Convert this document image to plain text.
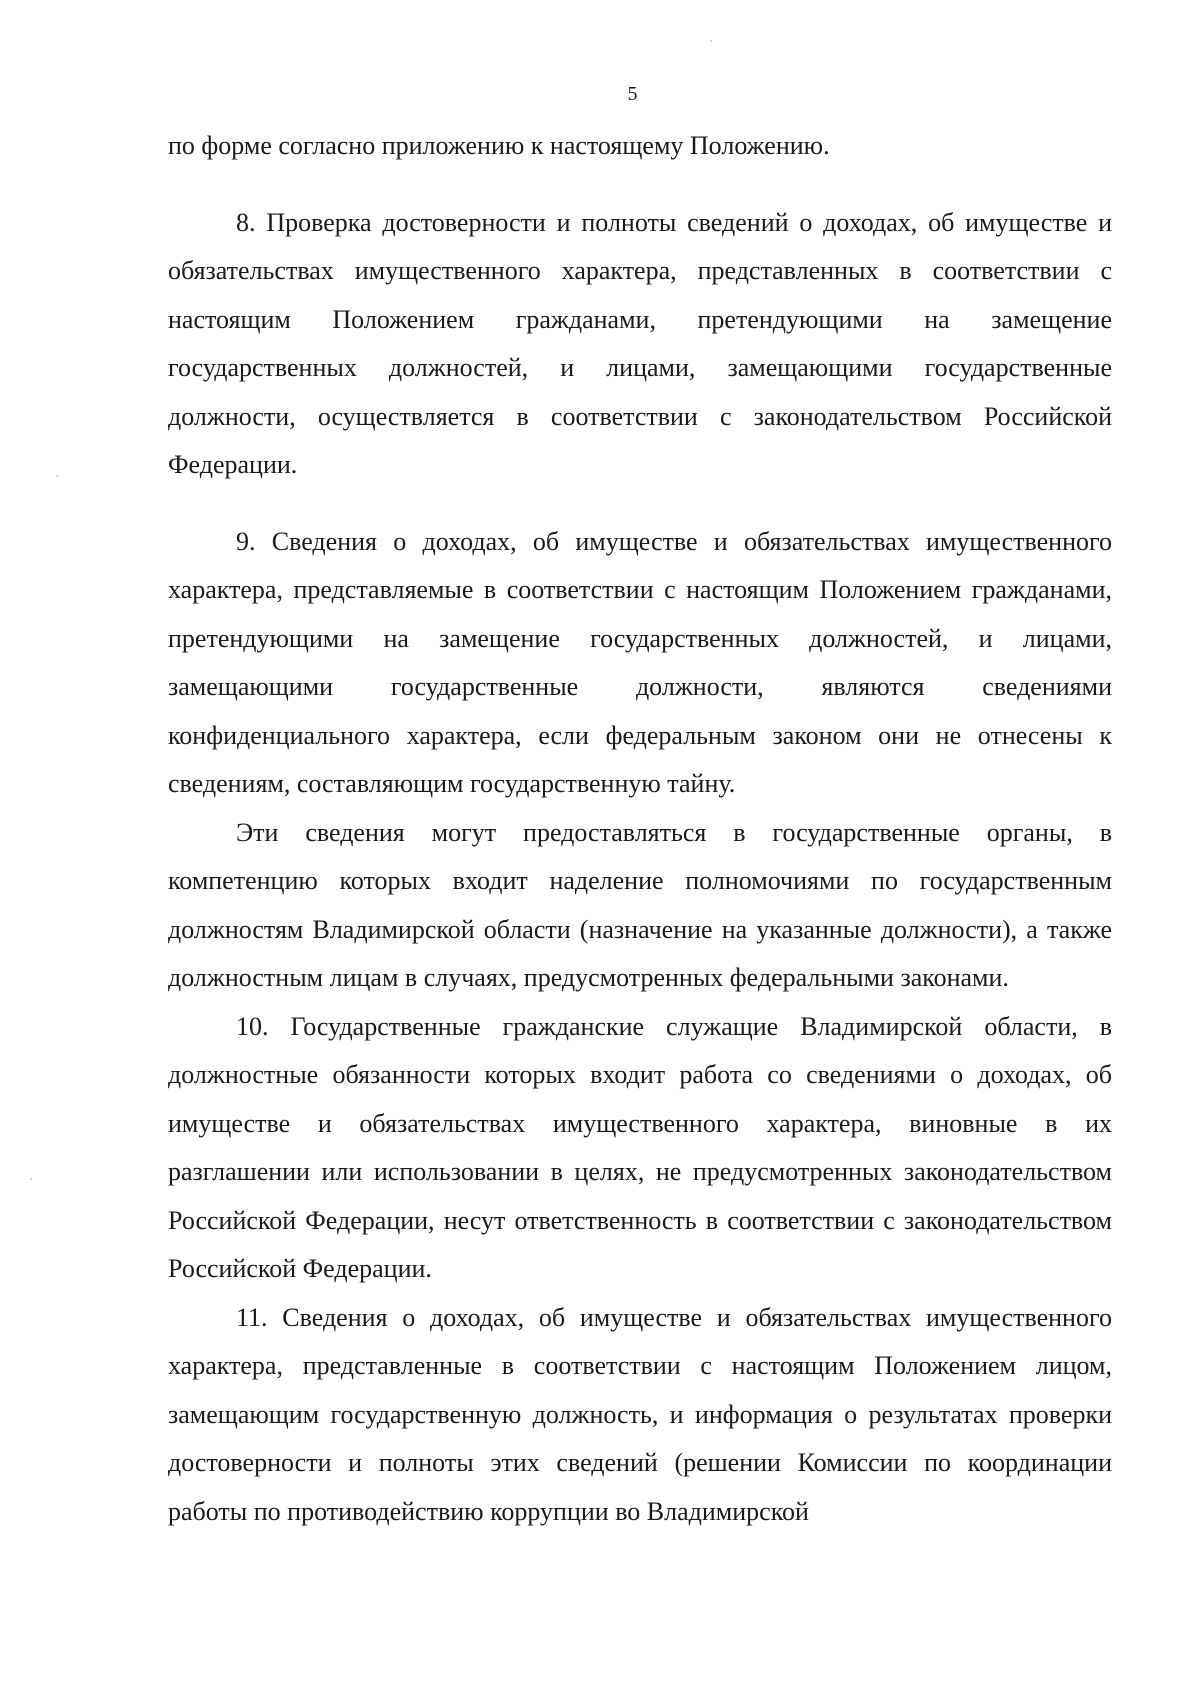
5

по форме согласно приложению к настоящему Положению.

8. Проверка достоверности и полноты сведений о доходах, об имуществе и обязательствах имущественного характера, представленных в соответствии с настоящим Положением гражданами, претендующими на замещение государственных должностей, и лицами, замещающими государственные должности, осуществляется в соответствии с законодательством Российской Федерации.

9. Сведения о доходах, об имуществе и обязательствах имущественного характера, представляемые в соответствии с настоящим Положением гражданами, претендующими на замещение государственных должностей, и лицами, замещающими государственные должности, являются сведениями конфиденциального характера, если федеральным законом они не отнесены к сведениям, составляющим государственную тайну.

Эти сведения могут предоставляться в государственные органы, в компетенцию которых входит наделение полномочиями по государственным должностям Владимирской области (назначение на указанные должности), а также должностным лицам в случаях, предусмотренных федеральными законами.

10. Государственные гражданские служащие Владимирской области, в должностные обязанности которых входит работа со сведениями о доходах, об имуществе и обязательствах имущественного характера, виновные в их разглашении или использовании в целях, не предусмотренных законодательством Российской Федерации, несут ответственность в соответствии с законодательством Российской Федерации.

11. Сведения о доходах, об имуществе и обязательствах имущественного характера, представленные в соответствии с настоящим Положением лицом, замещающим государственную должность, и информация о результатах проверки достоверности и полноты этих сведений (решении Комиссии по координации работы по противодействию коррупции во Владимирской
